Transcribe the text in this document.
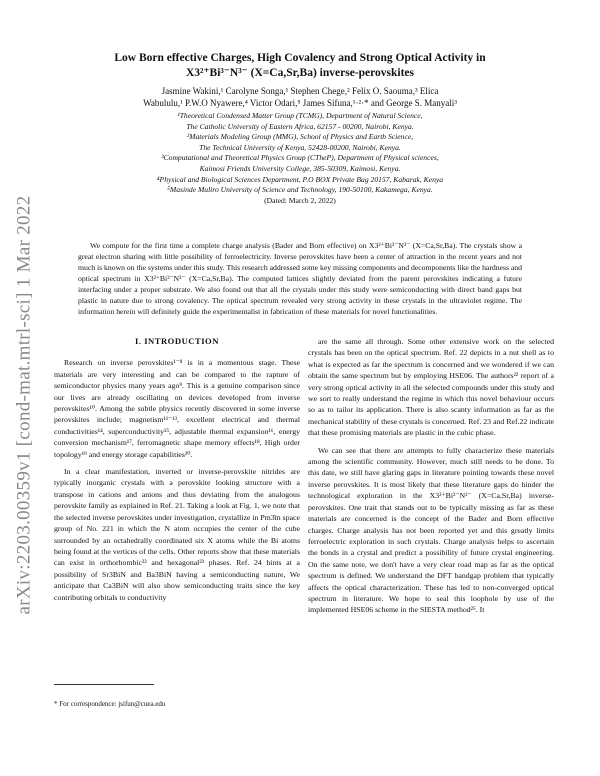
arXiv:2203.00359v1 [cond-mat.mtrl-sci] 1 Mar 2022
Low Born effective Charges, High Covalency and Strong Optical Activity in
X3²⁺Bi³⁻N³⁻ (X=Ca,Sr,Ba) inverse-perovskites
Jasmine Wakini,¹ Carolyne Songa,¹ Stephen Chege,² Felix O. Saouma,³ Elica
Wabululu,¹ P.W.O Nyawere,⁴ Victor Odari,⁵ James Sifuna,¹·²·* and George S. Manyali³
¹Theoretical Condensed Matter Group (TCMG), Department of Natural Science,
The Catholic University of Eastern Africa, 62157 - 00200, Nairobi, Kenya.
²Materials Modeling Group (MMG), School of Physics and Earth Science,
The Technical University of Kenya, 52428-00200, Nairobi, Kenya.
³Computational and Theoretical Physics Group (CTheP), Department of Physical sciences,
Kaimosi Friends University College, 385-50309, Kaimosi, Kenya.
⁴Physical and Biological Sciences Department, P.O BOX Private Bag 20157, Kabarak, Kenya
⁵Masinde Muliro University of Science and Technology, 190-50100, Kakamega, Kenya.
(Dated: March 2, 2022)

We compute for the first time a complete charge analysis (Bader and Born effective) on X3²⁺Bi³⁻N³⁻ (X=Ca,Sr,Ba). The crystals show a great electron sharing with little possibility of ferroelectricity. Inverse perovskites have been a center of attraction in the recent years and not much is known on the systems under this study. This research addressed some key missing components and decomponents like the hardness and optical spectrum in X3²⁺Bi³⁻N³⁻ (X=Ca,Sr,Ba). The computed lattices slightly deviated from the parent perovskites indicating a future interfacing under a proper substrate. We also found out that all the crystals under this study were semiconducting with direct band gaps but plastic in nature due to strong covalency. The optical spectrum revealed very strong activity in these crystals in the ultraviolet regime. The information herein will definitely guide the experimentalist in fabrication of these materials for novel functionalities.

I. INTRODUCTION

Research on inverse perovskites¹⁻⁸ is in a momentous stage. These materials are very interesting and can be compared to the rapture of semiconductor physics many years ago⁹. This is a genuine comparison since our lives are already oscillating on devices developed from inverse perovskites¹⁰. Among the subtle physics recently discovered in some inverse perovskites include; magnetism¹¹⁻¹³, excellent electrical and thermal conductivities¹⁴, superconductivity¹⁵, adjustable thermal expansion¹⁶, energy conversion mechanism¹⁷, ferromagnetic shape memory effects¹⁸, High order topology¹⁹ and energy storage capabilities²⁰.

In a clear manifestation, inverted or inverse-perovskite nitrides are typically inorganic crystals with a perovskite looking structure with a transpose in cations and anions and thus deviating from the analogous perovskite family as explained in Ref. 21. Taking a look at Fig. 1, we note that the selected inverse perovskites under investigation, crystallize in Pm3̄m space group of No. 221 in which the N atom occupies the center of the cube surrounded by an octahedrally coordinated six X atoms while the Bi atoms being found at the vertices of the cells. Other reports show that these materials can exist in orthorhombic²² and hexagonal²³ phases. Ref. 24 hints at a possibility of Sr3BiN and Ba3BiN having a semiconducting nature, We anticipate that Ca3BiN will also show semiconducting traits since the key contributing orbitals to conductivity

are the same all through. Some other extensive work on the selected crystals has been on the optical spectrum. Ref. 22 depicts in a nut shell as to what is expected as far the spectrum is concerned and we wondered if we can obtain the same spectrum but by employing HSE06. The authors²² report of a very strong optical activity in all the selected compounds under this study and we sort to really understand the regime in which this novel behaviour occurs so as to tailor its application. There is also scanty information as far as the mechanical stability of these crystals is concerned. Ref. 23 and Ref.22 indicate that these promising materials are plastic in the cubic phase.

We can see that there are attempts to fully characterize these materials among the scientific community. However, much still needs to be done. To this date, we still have glaring gaps in literature pointing towards these novel inverse perovskites. It is most likely that these literature gaps do hinder the technological exploration in the X3²⁺Bi³⁻N³⁻ (X=Ca,Sr,Ba) inverse-perovskites. One trait that stands out to be typically missing as far as these materials are concerned is the concept of the Bader and Born effective charges. Charge analysis has not been reported yet and this greatly limits ferroelectric exploration in such crystals. Charge analysis helps to ascertain the bonds in a crystal and predict a possibility of future crystal engineering. On the same note, we don't have a very clear road map as far as the optical spectrum is defined. We understand the DFT bandgap problem that typically affects the optical characterization. These has led to non-converged optical spectrum in literature. We hope to seal this loophole by use of the implemented HSE06 scheme in the SIESTA method²⁵. It

* For correspondence: jsifun@cuea.edu
